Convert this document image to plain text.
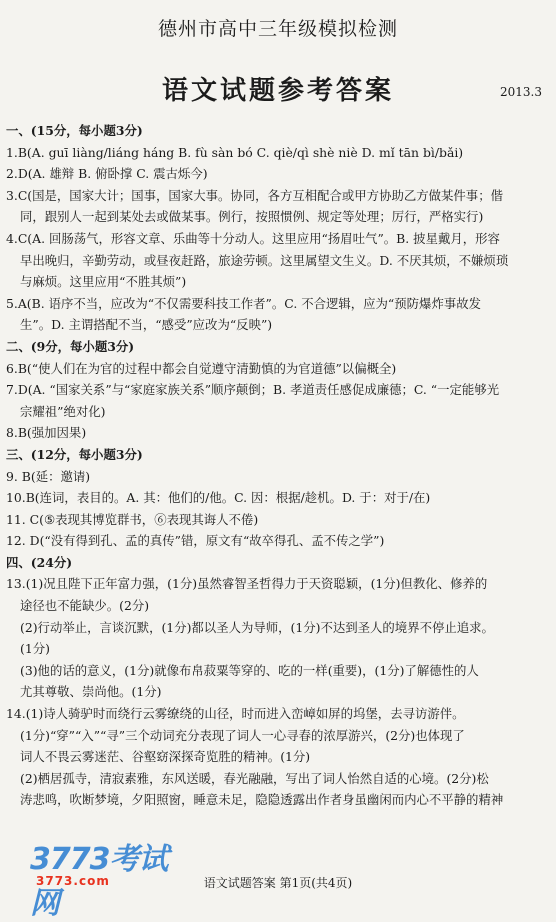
德州市高中三年级模拟检测
语文试题参考答案	2013.3
一、(15分，每小题3分)
1.B(A. guī liàng/liáng háng B. fù sàn bó C. qiè/qì shè niè D. mǐ tān bì/bǎi)
2.D(A. 雄辩 B. 俯卧撑 C. 震古烁今)
3.C(国是，国家大计；国事，国家大事。协同，各方互相配合或甲方协助乙方做某件事；偕
同，跟别人一起到某处去或做某事。例行，按照惯例、规定等处理；厉行，严格实行)
4.C(A. 回肠荡气，形容文章、乐曲等十分动人。这里应用“扬眉吐气”。B. 披星戴月，形容
早出晚归，辛勤劳动，或昼夜赶路，旅途劳顿。这里属望文生义。D. 不厌其烦，不嫌烦琐
与麻烦。这里应用“不胜其烦”)
5.A(B. 语序不当，应改为“不仅需要科技工作者”。C. 不合逻辑，应为“预防爆炸事故发
生”。D. 主谓搭配不当，“感受”应改为“反映”)
二、(9分，每小题3分)
6.B(“使人们在为官的过程中都会自觉遵守清勤慎的为官道德”以偏概全)
7.D(A. “国家关系”与“家庭家族关系”顺序颠倒；B. 孝道责任感促成廉德；C. “一定能够光
宗耀祖”绝对化)
8.B(强加因果)
三、(12分，每小题3分)
9. B(延：邀请)
10.B(连词，表目的。A. 其：他们的/他。C. 因：根据/趁机。D. 于：对于/在)
11. C(⑤表现其博览群书，⑥表现其诲人不倦)
12. D(“没有得到孔、孟的真传”错，原文有“故卒得孔、孟不传之学”)
四、(24分)
13.(1)况且陛下正年富力强，(1分)虽然睿智圣哲得力于天资聪颖，(1分)但教化、修养的
途径也不能缺少。(2分)
(2)行动举止，言谈沉默，(1分)都以圣人为导师，(1分)不达到圣人的境界不停止追求。
(1分)
(3)他的话的意义，(1分)就像布帛菽粟等穿的、吃的一样(重要)，(1分)了解德性的人
尤其尊敬、崇尚他。(1分)
14.(1)诗人骑驴时而绕行云雾缭绕的山径，时而进入峦嶂如屏的坞堡，去寻访游伴。
(1分)“穿”“入”“寻”三个动词充分表现了词人一心寻春的浓厚游兴，(2分)也体现了
词人不畏云雾迷茫、谷壑窈深探奇览胜的精神。(1分)
(2)栖居孤寺，清寂素雅，东风送暖，春光融融，写出了词人怡然自适的心境。(2分)松
涛悲鸣，吹断梦境，夕阳照窗，睡意未足，隐隐透露出作者身虽幽闲而内心不平静的精神
3773考试网
3773.com	语文试题答案 第1页(共4页)
